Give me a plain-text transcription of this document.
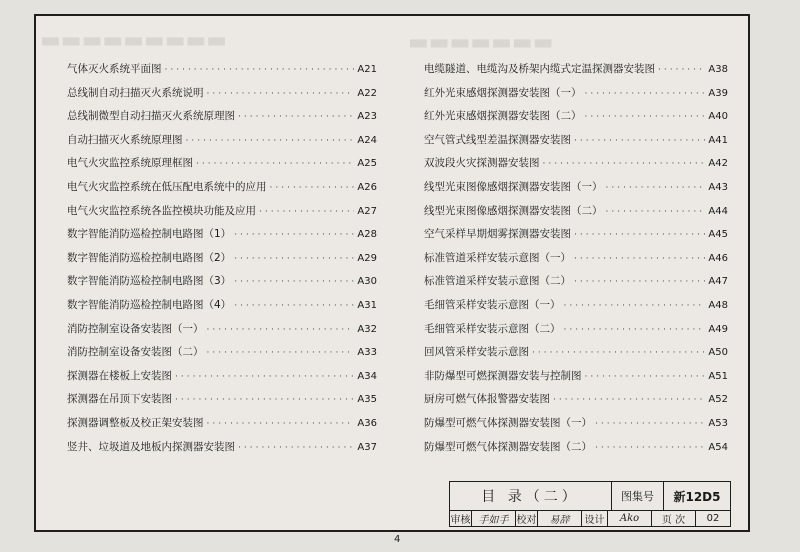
气体灭火系统平面图 ·····	A21
总线制自动扫描灭火系统说明 ·····	A22
总线制微型自动扫描灭火系统原理图 ·····	A23
自动扫描灭火系统原理图 ·····	A24
电气火灾监控系统原理框图 ·····	A25
电气火灾监控系统在低压配电系统中的应用 ·····	A26
电气火灾监控系统各监控模块功能及应用 ·····	A27
数字智能消防巡检控制电路图（1） ·····	A28
数字智能消防巡检控制电路图（2） ·····	A29
数字智能消防巡检控制电路图（3） ·····	A30
数字智能消防巡检控制电路图（4） ·····	A31
消防控制室设备安装图（一） ·····	A32
消防控制室设备安装图（二） ·····	A33
探测器在楼板上安装图 ·····	A34
探测器在吊顶下安装图 ·····	A35
探测器调整板及校正架安装图 ·····	A36
竖井、垃圾道及地板内探测器安装图 ·····	A37
电缆隧道、电缆沟及桥架内缆式定温探测器安装图 ·····	A38
红外光束感烟探测器安装图（一） ·····	A39
红外光束感烟探测器安装图（二） ·····	A40
空气管式线型差温探测器安装图 ·····	A41
双波段火灾探测器安装图 ·····	A42
线型光束图像感烟探测器安装图（一） ·····	A43
线型光束图像感烟探测器安装图（二） ·····	A44
空气采样早期烟雾探测器安装图 ·····	A45
标准管道采样安装示意图（一） ·····	A46
标准管道采样安装示意图（二） ·····	A47
毛细管采样安装示意图（一） ·····	A48
毛细管采样安装示意图（二） ·····	A49
回风管采样安装示意图 ·····	A50
非防爆型可燃探测器安装与控制图 ·····	A51
厨房可燃气体报警器安装图 ·····	A52
防爆型可燃气体探测器安装图（一） ·····	A53
防爆型可燃气体探测器安装图（二） ·····	A54
目 录（二）	图集号	新12D5
审核 手如手 校对	易辞	设计	Ako	页 次	02
4
